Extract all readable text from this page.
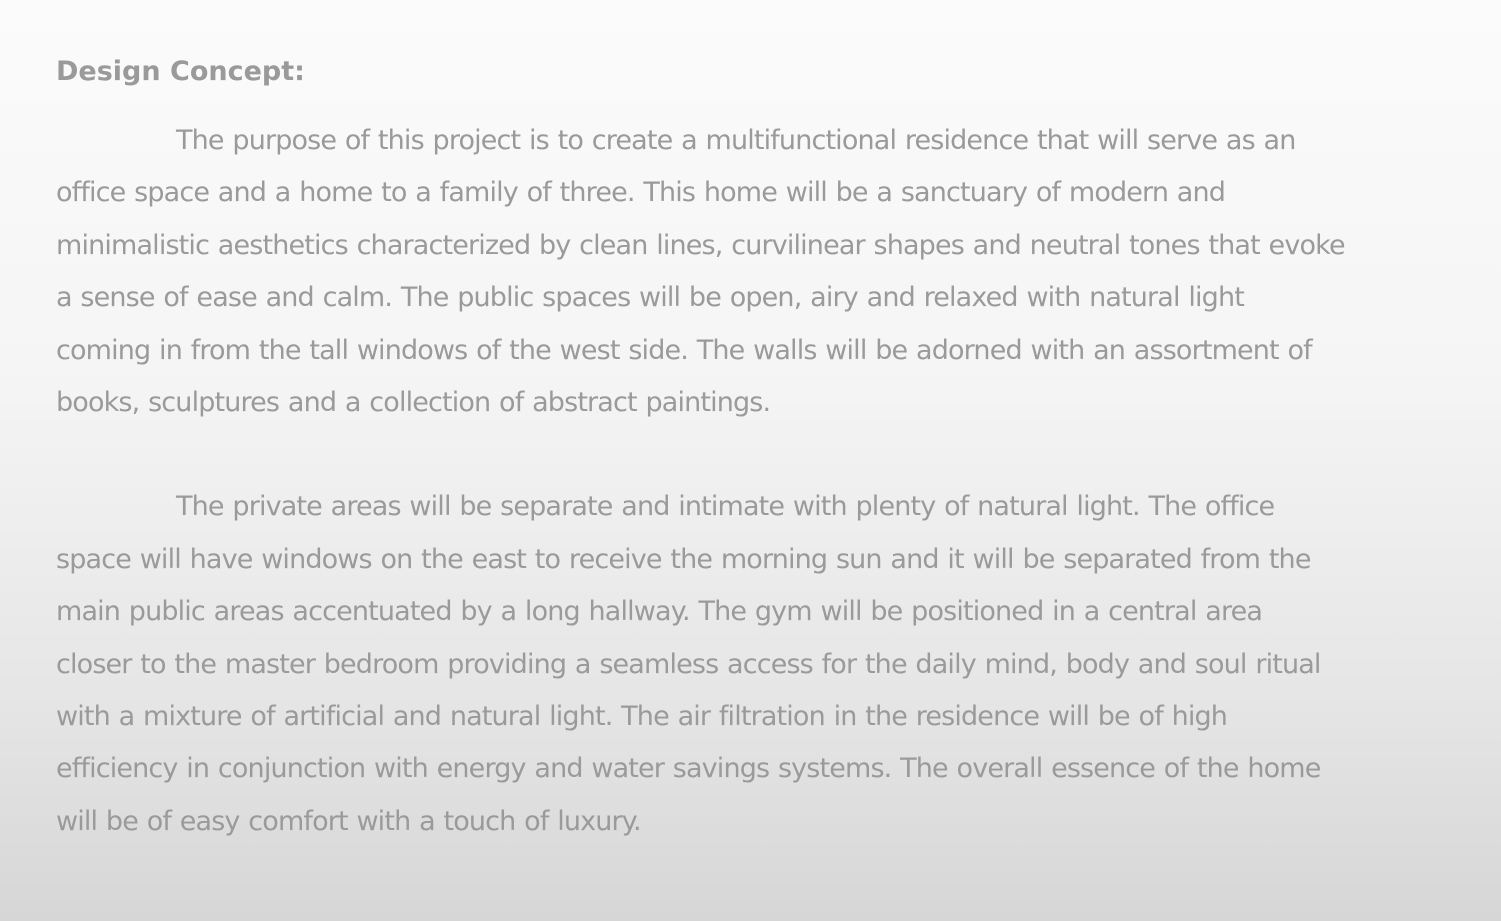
Design Concept:

The purpose of this project is to create a multifunctional residence that will serve as an
office space and a home to a family of three. This home will be a sanctuary of modern and
minimalistic aesthetics characterized by clean lines, curvilinear shapes and neutral tones that evoke
a sense of ease and calm. The public spaces will be open, airy and relaxed with natural light
coming in from the tall windows of the west side. The walls will be adorned with an assortment of
books, sculptures and a collection of abstract paintings.

The private areas will be separate and intimate with plenty of natural light. The office
space will have windows on the east to receive the morning sun and it will be separated from the
main public areas accentuated by a long hallway. The gym will be positioned in a central area
closer to the master bedroom providing a seamless access for the daily mind, body and soul ritual
with a mixture of artificial and natural light. The air filtration in the residence will be of high
efficiency in conjunction with energy and water savings systems. The overall essence of the home
will be of easy comfort with a touch of luxury.
